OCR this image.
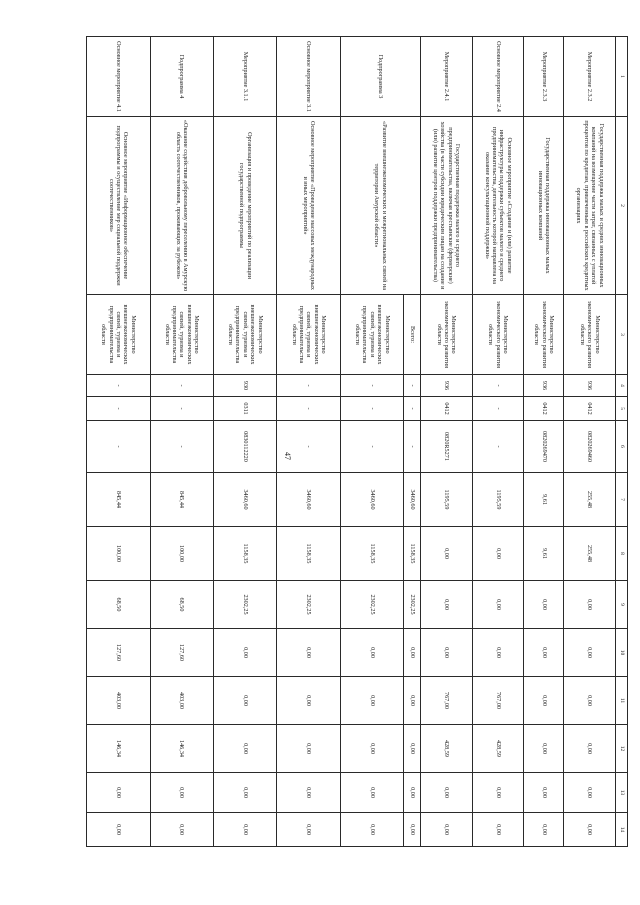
47
1	2	3	4	5	6	7	8	9	10	11	12	13	14
Мероприятие 2.3.2	Государственная поддержка малых и средних инновационных компаний на возмещение части затрат, связанных с уплатой процентов по кредитам, привлеченным в российских кредитных организациях	Министерство экономического развития области	936	0412	0820269460	255,48	255,48	0,00	0,00	0,00	0,00	0,00	0,00
Мероприятие 2.3.3	Государственная поддержка инновационных малых инновационных компаний	Министерство экономического развития области	936	0412	0820269470	9,61	9,61	0,00	0,00	0,00	0,00	0,00	0,00
Основное мероприятие 2.4	Основное мероприятие «Создание и (или) развитие инфраструктуры поддержки субъектов малого и среднего предпринимательства, деятельность которой направлена на оказание консультационной поддержки»	Министерство экономического развития области	-	-	-	1195,59	0,00	0,00	0,00	767,00	428,59	0,00	0,00
Мероприятие 2.4.1	Государственная поддержка малого и среднего предпринимательства, включая крестьянские (фермерские) хозяйства (в части субсидии юридическим лицам на создание и (или) развитие центров поддержки предпринимательства)	Министерство экономического развития области	936	0412	0820R5271	1195,59	0,00	0,00	0,00	767,00	428,59	0,00	0,00
Подпрограмма 3	«Развитие внешнеэкономических и межрегиональных связей на территории Амурской области»	Всего:	-	-	-	3460,60	1158,35	2302,25	0,00	0,00	0,00	0,00	0,00
		Министерство внешнеэкономических связей, туризма и предпринимательства области	-	-	-	3460,60	1158,35	2302,25	0,00	0,00	0,00	0,00	0,00
Основное мероприятие 3.1	Основное мероприятие «Проведение массовых международных и иных мероприятий»	Министерство внешнеэкономических связей, туризма и предпринимательства области	-	-	-	3460,60	1158,35	2302,25	0,00	0,00	0,00	0,00	0,00
Мероприятие 3.1.1	Организация и проведение мероприятий по реализации государственной подпрограммы	Министерство внешнеэкономических связей, туризма и предпринимательства области	930	0311	0830112220	3460,60	1158,35	2302,25	0,00	0,00	0,00	0,00	0,00
Подпрограмма 4	«Оказание содействия добровольному переселению в Амурскую область соотечественников, проживающих за рубежом»	Министерство внешнеэкономических связей, туризма и предпринимательства области	-	-	-	845,44	100,00	68,50	127,60	403,00	146,34	0,00	0,00
Основное мероприятие 4.1	Основное мероприятие «Информационное обеспечение подпрограммы и осуществление мер социальной поддержки соотечественников»	Министерство внешнеэкономических связей, туризма и предпринимательства области	-	-	-	845,44	100,00	68,50	127,60	403,00	146,34	0,00	0,00
